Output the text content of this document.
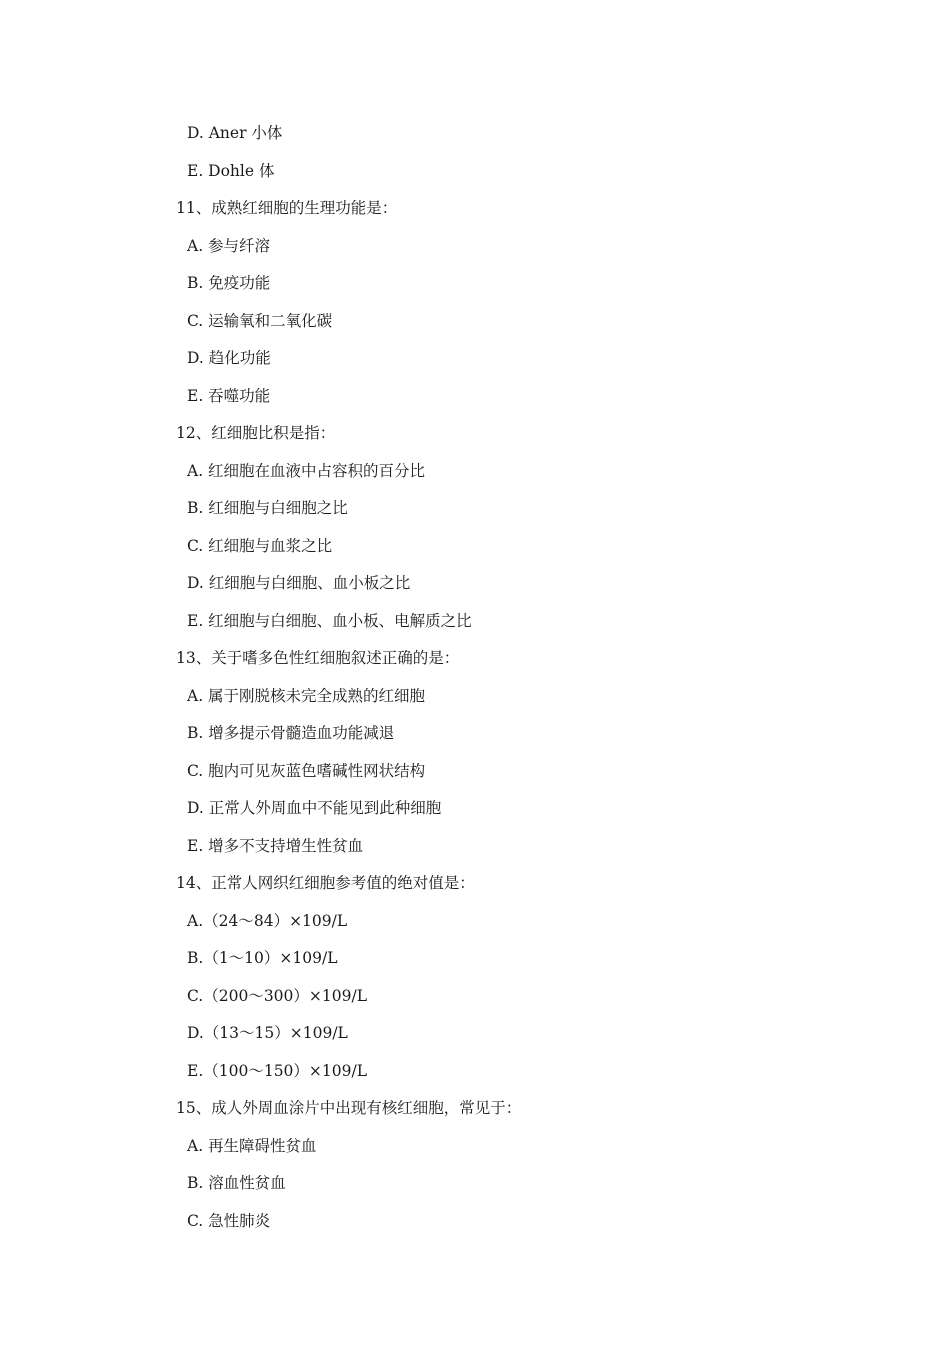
D. Aner 小体
E. Dohle 体
11、成熟红细胞的生理功能是：
A. 参与纤溶
B. 免疫功能
C. 运输氧和二氧化碳
D. 趋化功能
E. 吞噬功能
12、红细胞比积是指：
A. 红细胞在血液中占容积的百分比
B. 红细胞与白细胞之比
C. 红细胞与血浆之比
D. 红细胞与白细胞、血小板之比
E. 红细胞与白细胞、血小板、电解质之比
13、关于嗜多色性红细胞叙述正确的是：
A. 属于刚脱核未完全成熟的红细胞
B. 增多提示骨髓造血功能减退
C. 胞内可见灰蓝色嗜碱性网状结构
D. 正常人外周血中不能见到此种细胞
E. 增多不支持增生性贫血
14、正常人网织红细胞参考值的绝对值是：
A.（24～84）×109/L
B.（1～10）×109/L
C.（200～300）×109/L
D.（13～15）×109/L
E.（100～150）×109/L
15、成人外周血涂片中出现有核红细胞，常见于：
A. 再生障碍性贫血
B. 溶血性贫血
C. 急性肺炎
